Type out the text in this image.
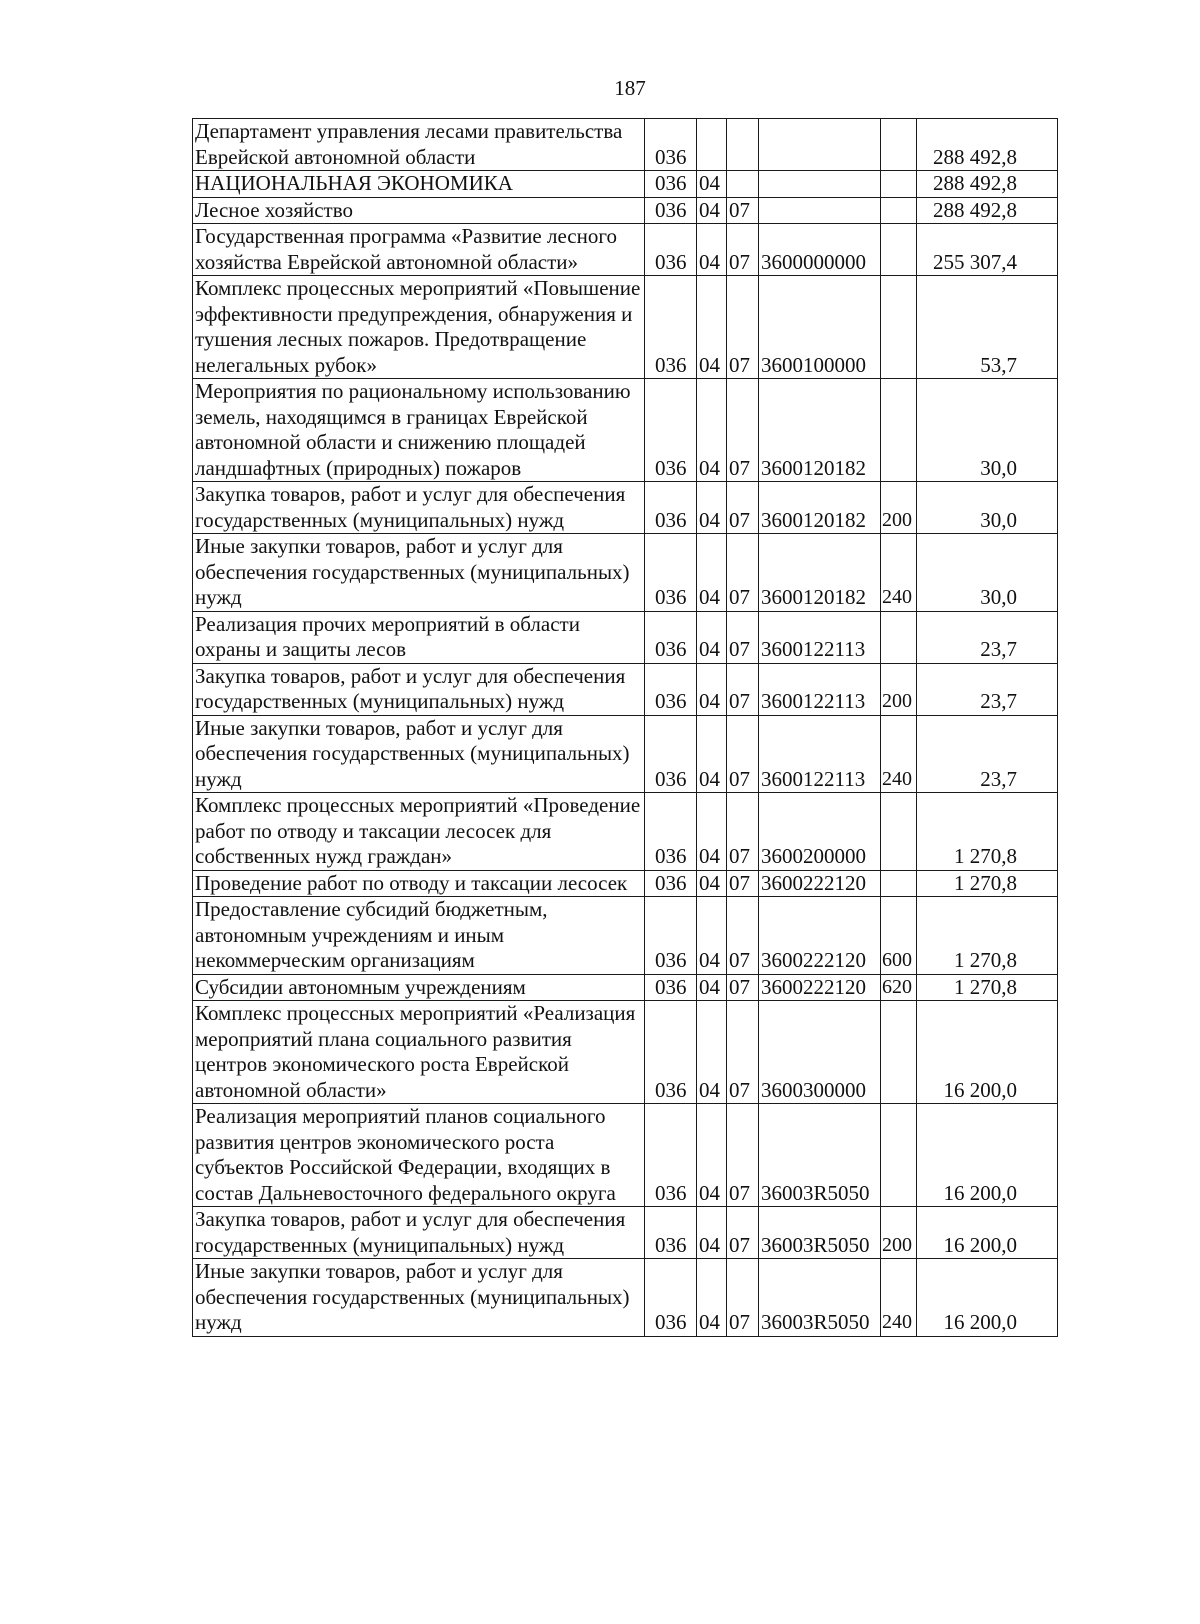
187
Департамент управления лесами правительства Еврейской автономной области	036					288 492,8
НАЦИОНАЛЬНАЯ ЭКОНОМИКА	036	04				288 492,8
Лесное хозяйство	036	04	07			288 492,8
Государственная программа «Развитие лесного хозяйства Еврейской автономной области»	036	04	07	3600000000		255 307,4
Комплекс процессных мероприятий «Повышение эффективности предупреждения, обнаружения и тушения лесных пожаров. Предотвращение нелегальных рубок»	036	04	07	3600100000		53,7
Мероприятия по рациональному использованию земель, находящимся в границах Еврейской автономной области и снижению площадей ландшафтных (природных) пожаров	036	04	07	3600120182		30,0
Закупка товаров, работ и услуг для обеспечения государственных (муниципальных) нужд	036	04	07	3600120182	200	30,0
Иные закупки товаров, работ и услуг для обеспечения государственных (муниципальных) нужд	036	04	07	3600120182	240	30,0
Реализация прочих мероприятий в области охраны и защиты лесов	036	04	07	3600122113		23,7
Закупка товаров, работ и услуг для обеспечения государственных (муниципальных) нужд	036	04	07	3600122113	200	23,7
Иные закупки товаров, работ и услуг для обеспечения государственных (муниципальных) нужд	036	04	07	3600122113	240	23,7
Комплекс процессных мероприятий «Проведение работ по отводу и таксации лесосек для собственных нужд граждан»	036	04	07	3600200000		1 270,8
Проведение работ по отводу и таксации лесосек	036	04	07	3600222120		1 270,8
Предоставление субсидий бюджетным, автономным учреждениям и иным некоммерческим организациям	036	04	07	3600222120	600	1 270,8
Субсидии автономным учреждениям	036	04	07	3600222120	620	1 270,8
Комплекс процессных мероприятий «Реализация мероприятий плана социального развития центров экономического роста Еврейской автономной области»	036	04	07	3600300000		16 200,0
Реализация мероприятий планов социального развития центров экономического роста субъектов Российской Федерации, входящих в состав Дальневосточного федерального округа	036	04	07	36003R5050		16 200,0
Закупка товаров, работ и услуг для обеспечения государственных (муниципальных) нужд	036	04	07	36003R5050	200	16 200,0
Иные закупки товаров, работ и услуг для обеспечения государственных (муниципальных) нужд	036	04	07	36003R5050	240	16 200,0
